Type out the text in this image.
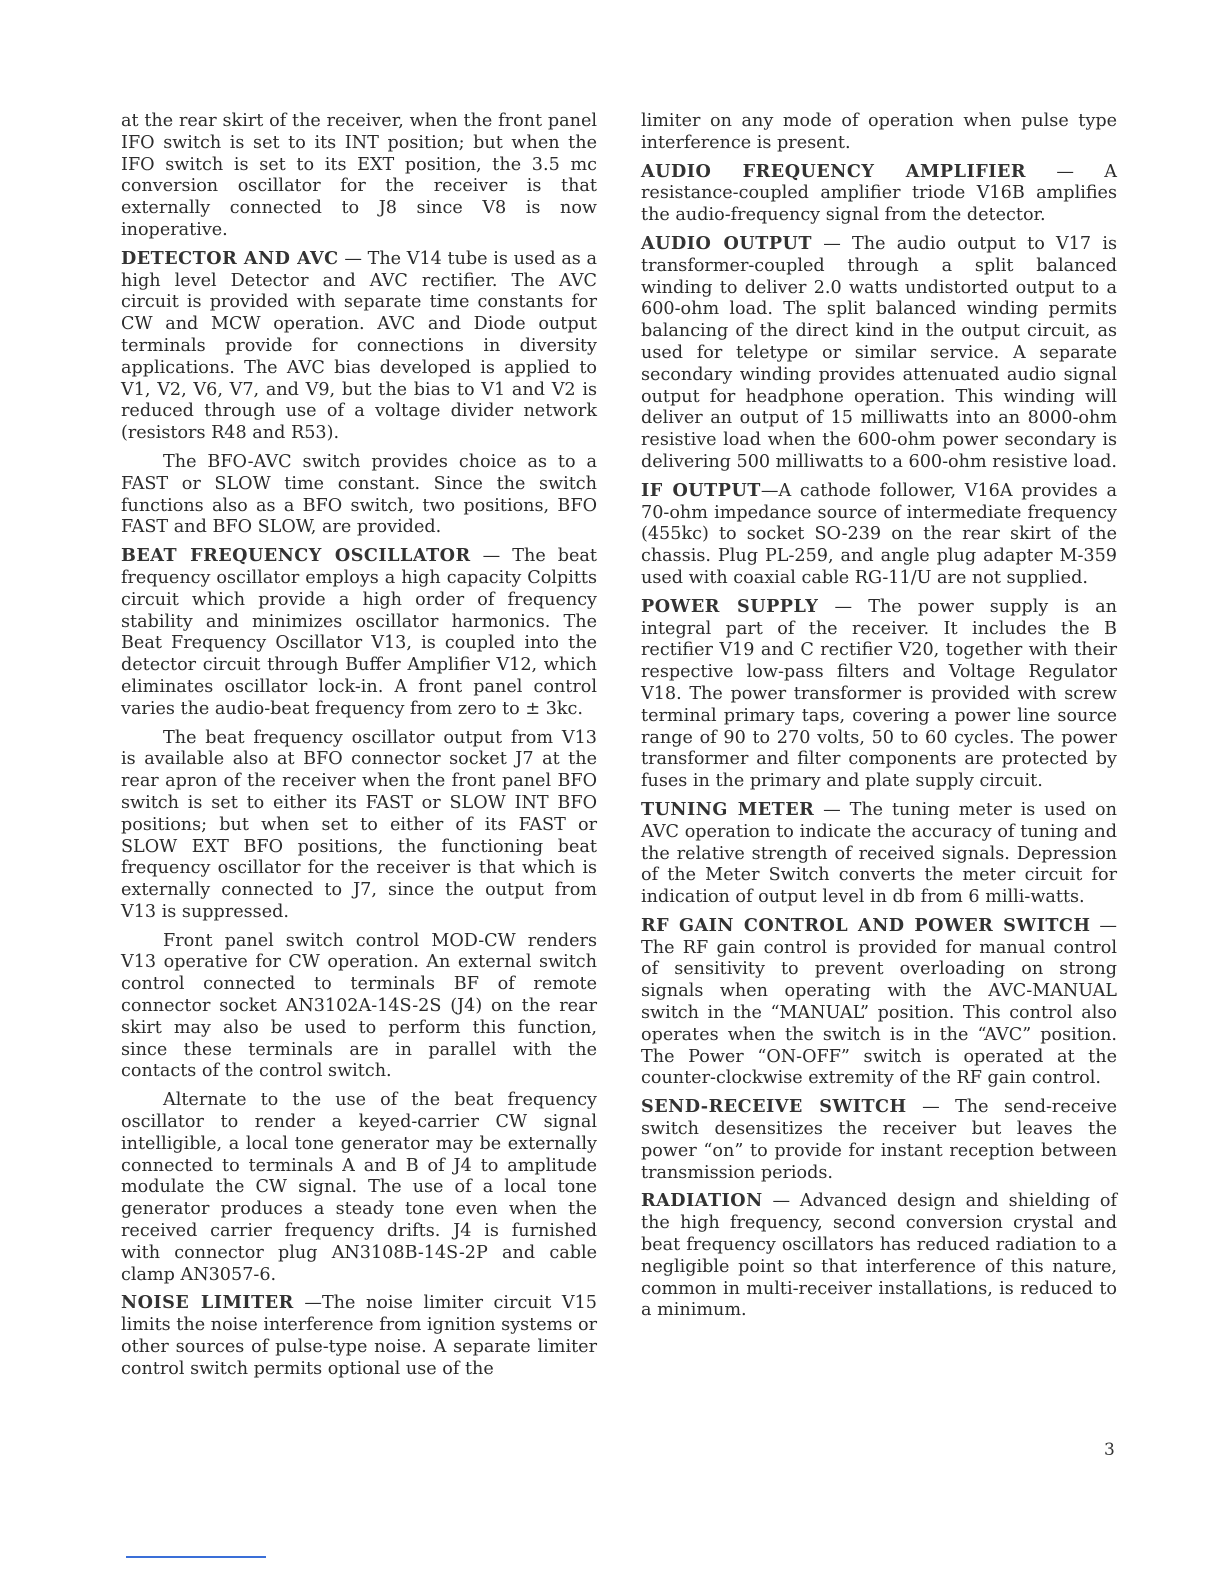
at the rear skirt of the receiver, when the front panel IFO switch is set to its INT position; but when the IFO switch is set to its EXT position, the 3.5 mc conversion oscillator for the receiver is that externally connected to J8 since V8 is now inoperative.

DETECTOR AND AVC — The V14 tube is used as a high level Detector and AVC rectifier. The AVC circuit is provided with separate time constants for CW and MCW operation. AVC and Diode output terminals provide for connections in diversity applications. The AVC bias developed is applied to V1, V2, V6, V7, and V9, but the bias to V1 and V2 is reduced through use of a voltage divider network (resistors R48 and R53).

The BFO-AVC switch provides choice as to a FAST or SLOW time constant. Since the switch functions also as a BFO switch, two positions, BFO FAST and BFO SLOW, are provided.

BEAT FREQUENCY OSCILLATOR — The beat frequency oscillator employs a high capacity Colpitts circuit which provide a high order of frequency stability and minimizes oscillator harmonics. The Beat Frequency Oscillator V13, is coupled into the detector circuit through Buffer Amplifier V12, which eliminates oscillator lock-in. A front panel control varies the audio-beat frequency from zero to ± 3kc.

The beat frequency oscillator output from V13 is available also at BFO connector socket J7 at the rear apron of the receiver when the front panel BFO switch is set to either its FAST or SLOW INT BFO positions; but when set to either of its FAST or SLOW EXT BFO positions, the functioning beat frequency oscillator for the receiver is that which is externally connected to J7, since the output from V13 is suppressed.

Front panel switch control MOD-CW renders V13 operative for CW operation. An external switch control connected to terminals BF of remote connector socket AN3102A-14S-2S (J4) on the rear skirt may also be used to perform this function, since these terminals are in parallel with the contacts of the control switch.

Alternate to the use of the beat frequency oscillator to render a keyed-carrier CW signal intelligible, a local tone generator may be externally connected to terminals A and B of J4 to amplitude modulate the CW signal. The use of a local tone generator produces a steady tone even when the received carrier frequency drifts. J4 is furnished with connector plug AN3108B-14S-2P and cable clamp AN3057-6.

NOISE LIMITER —The noise limiter circuit V15 limits the noise interference from ignition systems or other sources of pulse-type noise. A separate limiter control switch permits optional use of the

limiter on any mode of operation when pulse type interference is present.

AUDIO FREQUENCY AMPLIFIER — A resistance-coupled amplifier triode V16B amplifies the audio-frequency signal from the detector.

AUDIO OUTPUT — The audio output to V17 is transformer-coupled through a split balanced winding to deliver 2.0 watts undistorted output to a 600-ohm load. The split balanced winding permits balancing of the direct kind in the output circuit, as used for teletype or similar service. A separate secondary winding provides attenuated audio signal output for headphone operation. This winding will deliver an output of 15 milliwatts into an 8000-ohm resistive load when the 600-ohm power secondary is delivering 500 milliwatts to a 600-ohm resistive load.

IF OUTPUT—A cathode follower, V16A provides a 70-ohm impedance source of intermediate frequency (455kc) to socket SO-239 on the rear skirt of the chassis. Plug PL-259, and angle plug adapter M-359 used with coaxial cable RG-11/U are not supplied.

POWER SUPPLY — The power supply is an integral part of the receiver. It includes the B rectifier V19 and C rectifier V20, together with their respective low-pass filters and Voltage Regulator V18. The power transformer is provided with screw terminal primary taps, covering a power line source range of 90 to 270 volts, 50 to 60 cycles. The power transformer and filter components are protected by fuses in the primary and plate supply circuit.

TUNING METER — The tuning meter is used on AVC operation to indicate the accuracy of tuning and the relative strength of received signals. Depression of the Meter Switch converts the meter circuit for indication of output level in db from 6 milli-watts.

RF GAIN CONTROL AND POWER SWITCH — The RF gain control is provided for manual control of sensitivity to prevent overloading on strong signals when operating with the AVC-MANUAL switch in the “MANUAL” position. This control also operates when the switch is in the “AVC” position. The Power “ON-OFF” switch is operated at the counter-clockwise extremity of the RF gain control.

SEND-RECEIVE SWITCH — The send-receive switch desensitizes the receiver but leaves the power “on” to provide for instant reception between transmission periods.

RADIATION — Advanced design and shielding of the high frequency, second conversion crystal and beat frequency oscillators has reduced radiation to a negligible point so that interference of this nature, common in multi-receiver installations, is reduced to a minimum.

3
